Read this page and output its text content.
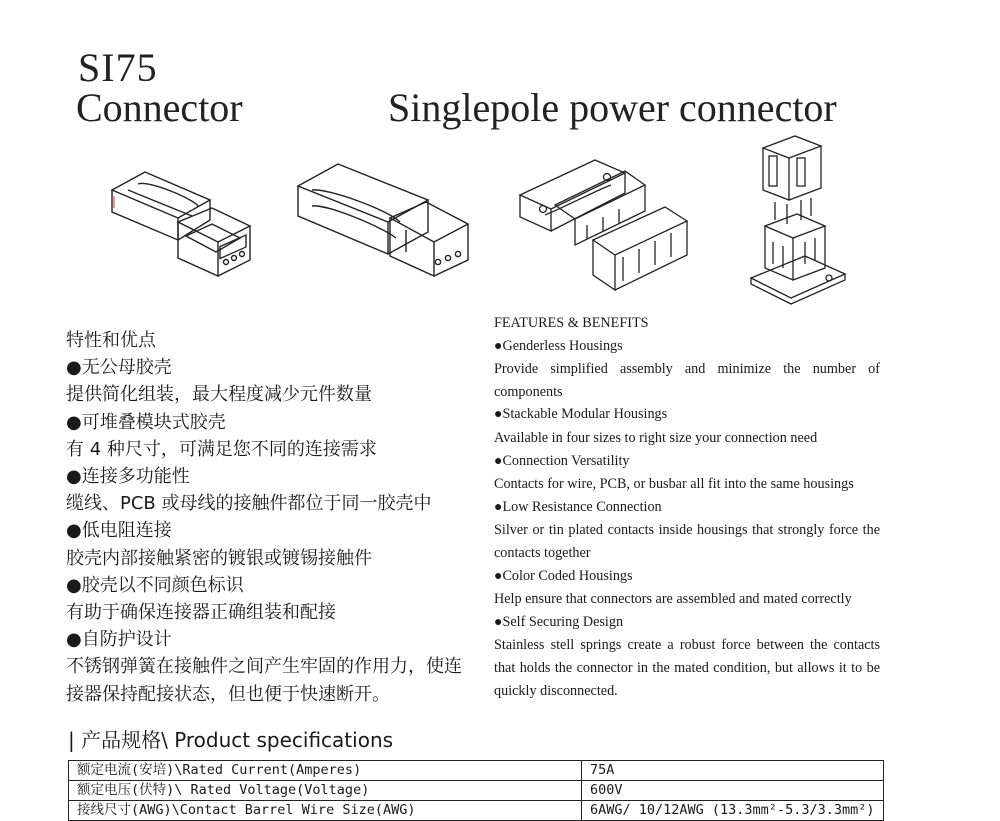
SI75
Connector	Singlepole power connector
特性和优点
● 无公母胶壳
提供简化组装，最大程度减少元件数量
● 可堆叠模块式胶壳
有 4 种尺寸，可满足您不同的连接需求
● 连接多功能性
缆线、PCB 或母线的接触件都位于同一胶壳中
● 低电阻连接
胶壳内部接触紧密的镀银或镀锡接触件
● 胶壳以不同颜色标识
有助于确保连接器正确组装和配接
● 自防护设计
不锈钢弹簧在接触件之间产生牢固的作用力，使连
接器保持配接状态，但也便于快速断开。
FEATURES & BENEFITS
● Genderless Housings
Provide simplified assembly and minimize the number of components
● Stackable Modular Housings
Available in four sizes to right size your connection need
● Connection Versatility
Contacts for wire, PCB, or busbar all fit into the same housings
● Low Resistance Connection
Silver or tin plated contacts inside housings that strongly force the contacts together
● Color Coded Housings
Help ensure that connectors are assembled and mated correctly
● Self Securing Design
Stainless stell springs create a robust force between the contacts that holds the connector in the mated condition, but allows it to be quickly disconnected.
| 产品规格\ Product specifications
额定电流(安培)\Rated Current(Amperes)	75A
额定电压(伏特)\ Rated Voltage(Voltage)	600V
接线尺寸(AWG)\Contact Barrel Wire Size(AWG)	6AWG/ 10/12AWG (13.3mm²-5.3/3.3mm²)
